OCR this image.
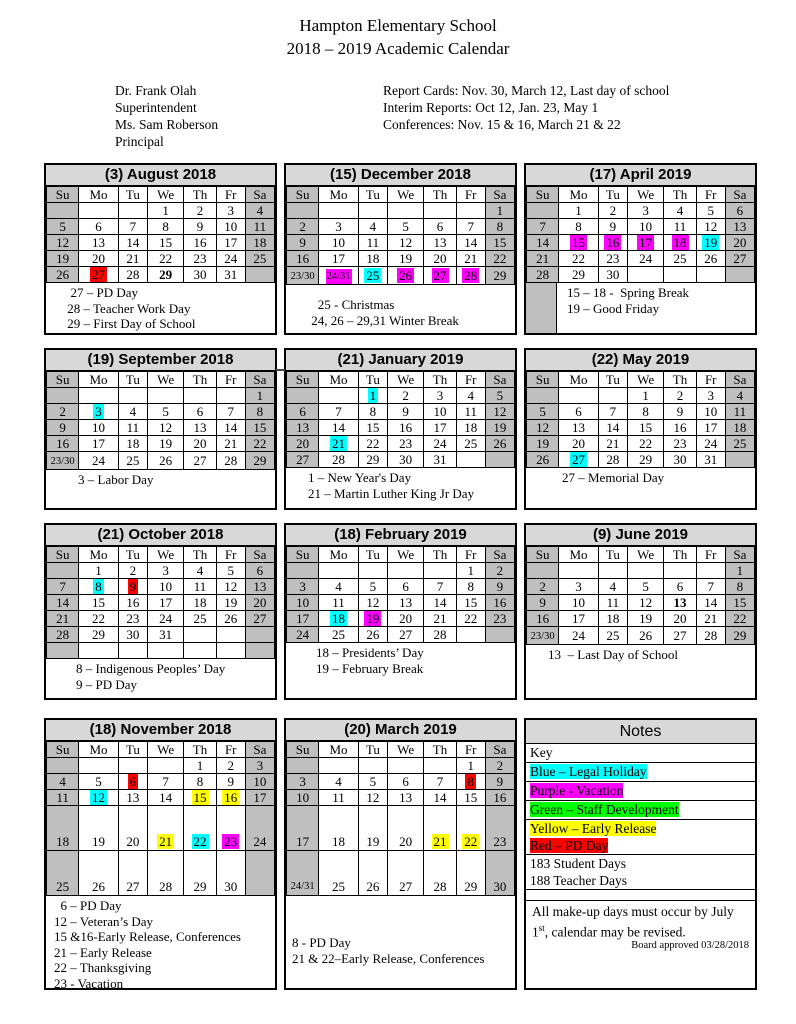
Hampton Elementary School
2018 – 2019 Academic Calendar
Dr. Frank Olah
Superintendent
Ms. Sam Roberson
Principal
Report Cards: Nov. 30, March 12, Last day of school
Interim Reports: Oct 12, Jan. 23, May 1
Conferences: Nov. 15 & 16, March 21 & 22
(3) August 2018
Su	Mo	Tu	We	Th	Fr	Sa
			1	2	3	4
5	6	7	8	9	10	11
12	13	14	15	16	17	18
19	20	21	22	23	24	25
26	27	28	29	30	31	
27 – PD Day
28 – Teacher Work Day
29 – First Day of School
(15) December 2018
Su	Mo	Tu	We	Th	Fr	Sa
						1
2	3	4	5	6	7	8
9	10	11	12	13	14	15
16	17	18	19	20	21	22
23/30	24/31	25	26	27	28	29
25 - Christmas
24, 26 – 29,31 Winter Break
(17) April 2019
Su	Mo	Tu	We	Th	Fr	Sa
	1	2	3	4	5	6
7	8	9	10	11	12	13
14	15	16	17	18	19	20
21	22	23	24	25	26	27
28	29	30				
15 – 18 -  Spring Break
19 – Good Friday
(19) September 2018
Su	Mo	Tu	We	Th	Fr	Sa
						1
2	3	4	5	6	7	8
9	10	11	12	13	14	15
16	17	18	19	20	21	22
23/30	24	25	26	27	28	29
3 – Labor Day
(21) January 2019
Su	Mo	Tu	We	Th	Fr	Sa
		1	2	3	4	5
6	7	8	9	10	11	12
13	14	15	16	17	18	19
20	21	22	23	24	25	26
27	28	29	30	31		
1 – New Year's Day
21 – Martin Luther King Jr Day
(22) May 2019
Su	Mo	Tu	We	Th	Fr	Sa
			1	2	3	4
5	6	7	8	9	10	11
12	13	14	15	16	17	18
19	20	21	22	23	24	25
26	27	28	29	30	31	
27 – Memorial Day
(21) October 2018
Su	Mo	Tu	We	Th	Fr	Sa
	1	2	3	4	5	6
7	8	9	10	11	12	13
14	15	16	17	18	19	20
21	22	23	24	25	26	27
28	29	30	31			

8 – Indigenous Peoples’ Day
9 – PD Day
(18) February 2019
Su	Mo	Tu	We	Th	Fr	Sa
					1	2
3	4	5	6	7	8	9
10	11	12	13	14	15	16
17	18	19	20	21	22	23
24	25	26	27	28		
18 – Presidents’ Day
19 – February Break
(9) June 2019
Su	Mo	Tu	We	Th	Fr	Sa
						1
2	3	4	5	6	7	8
9	10	11	12	13	14	15
16	17	18	19	20	21	22
23/30	24	25	26	27	28	29
13  – Last Day of School
(18) November 2018
Su	Mo	Tu	We	Th	Fr	Sa
				1	2	3
4	5	6	7	8	9	10
11	12	13	14	15	16	17
18	19	20	21	22	23	24
25	26	27	28	29	30	
6 – PD Day
12 – Veteran’s Day
15 &16-Early Release, Conferences
21 – Early Release
22 – Thanksgiving
23 - Vacation
(20) March 2019
Su	Mo	Tu	We	Th	Fr	Sa
					1	2
3	4	5	6	7	8	9
10	11	12	13	14	15	16
17	18	19	20	21	22	23
24/31	25	26	27	28	29	30
8 - PD Day
21 & 22–Early Release, Conferences
Notes
Key
Blue – Legal Holiday
Purple - Vacation
Green – Staff Development
Yellow – Early Release
Red – PD Day
183 Student Days
188 Teacher Days
All make-up days must occur by July 1st, calendar may be revised.
Board approved 03/28/2018
